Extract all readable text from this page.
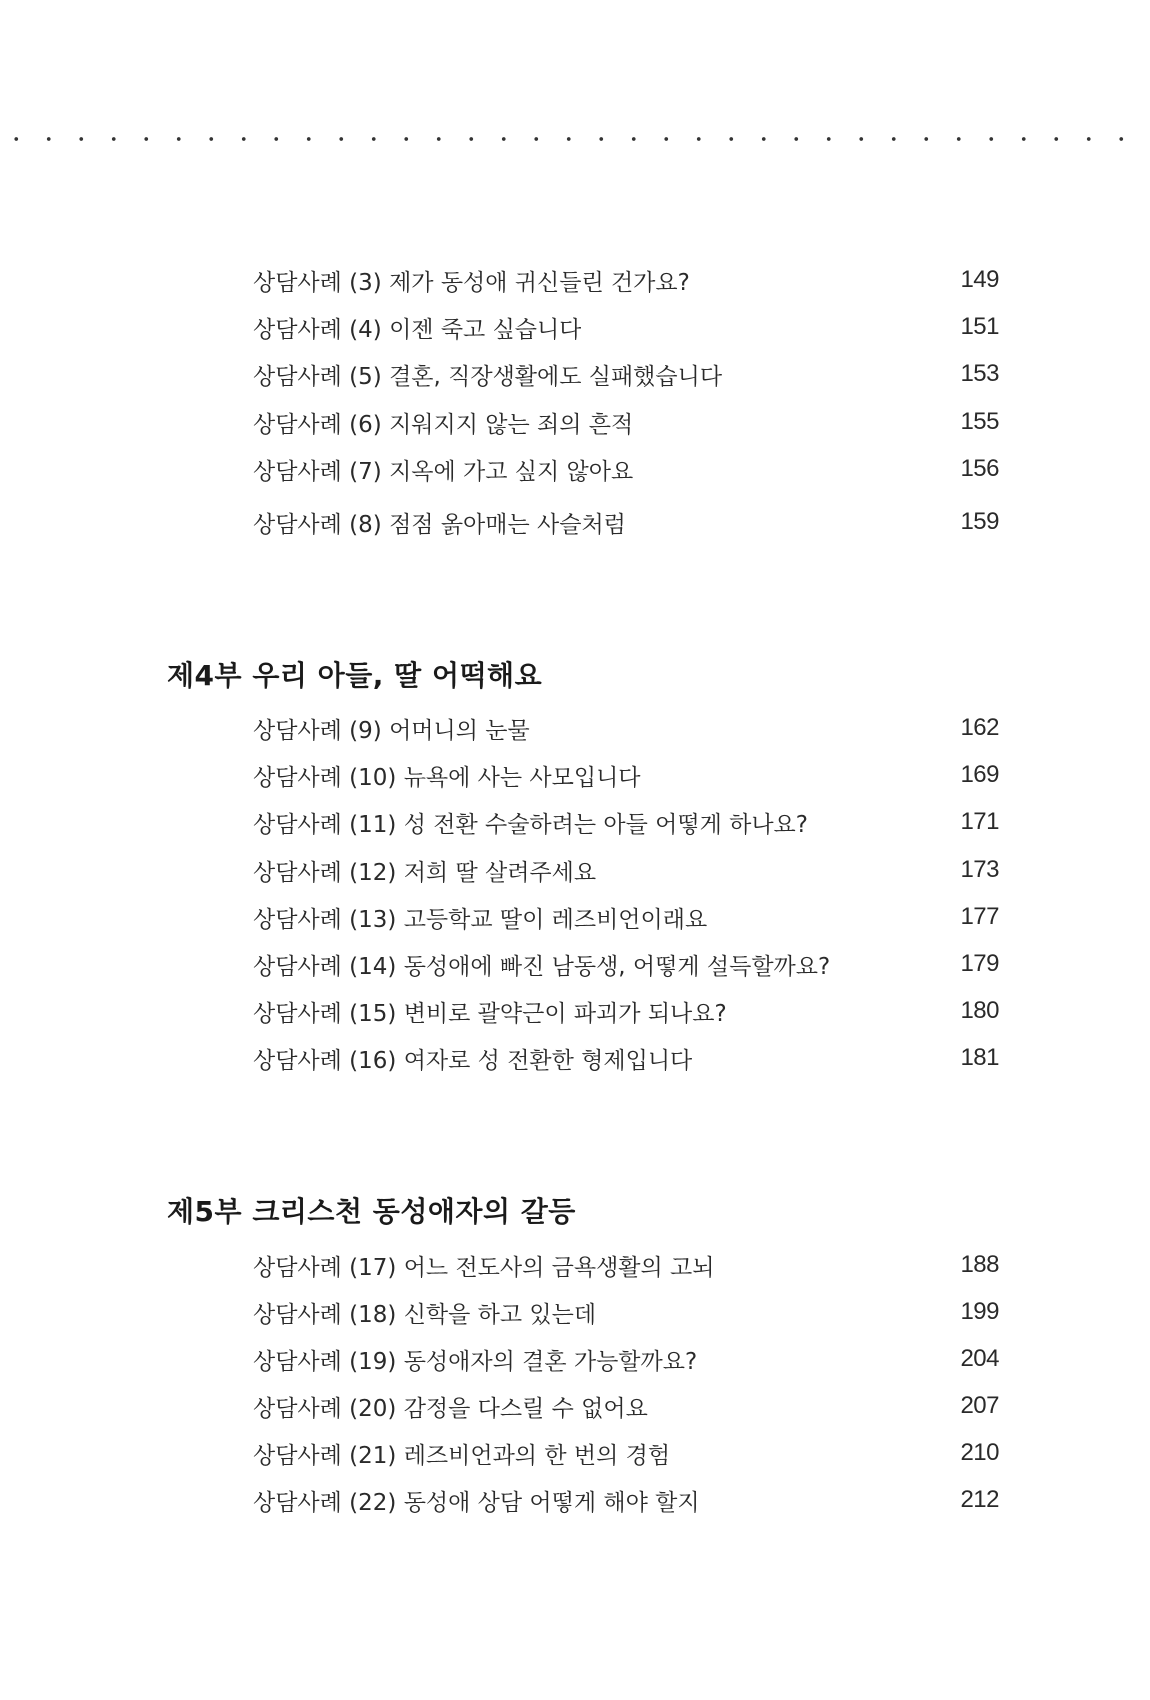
상담사례 (3) 제가 동성애 귀신들린 건가요?	149
상담사례 (4) 이젠 죽고 싶습니다	151
상담사례 (5) 결혼, 직장생활에도 실패했습니다	153
상담사례 (6) 지워지지 않는 죄의 흔적	155
상담사례 (7) 지옥에 가고 싶지 않아요	156
상담사례 (8) 점점 옭아매는 사슬처럼	159
제4부 우리 아들, 딸 어떡해요
상담사례 (9) 어머니의 눈물	162
상담사례 (10) 뉴욕에 사는 사모입니다	169
상담사례 (11) 성 전환 수술하려는 아들 어떻게 하나요?	171
상담사례 (12) 저희 딸 살려주세요	173
상담사례 (13) 고등학교 딸이 레즈비언이래요	177
상담사례 (14) 동성애에 빠진 남동생, 어떻게 설득할까요?	179
상담사례 (15) 변비로 괄약근이 파괴가 되나요?	180
상담사례 (16) 여자로 성 전환한 형제입니다	181
제5부 크리스천 동성애자의 갈등
상담사례 (17) 어느 전도사의 금욕생활의 고뇌	188
상담사례 (18) 신학을 하고 있는데	199
상담사례 (19) 동성애자의 결혼 가능할까요?	204
상담사례 (20) 감정을 다스릴 수 없어요	207
상담사례 (21) 레즈비언과의 한 번의 경험	210
상담사례 (22) 동성애 상담 어떻게 해야 할지	212
